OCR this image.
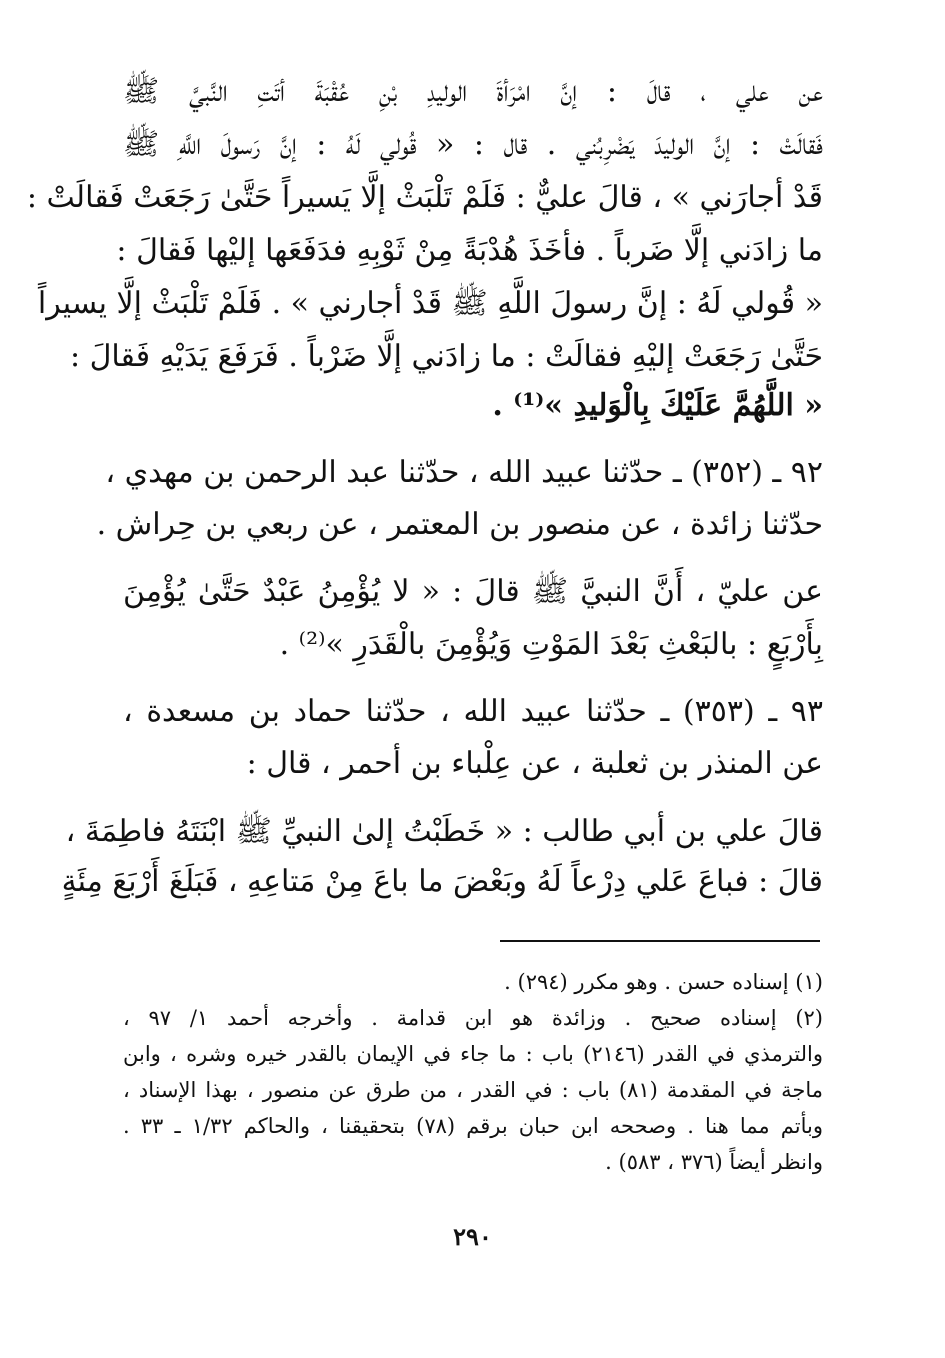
عن علي ، قالَ : إنَّ امْرَأةَ الوليدِ بْنِ عُقْبَةَ أتَتِ النَّبيَّ ﷺ
فَقالَتْ : إنَّ الوليدَ يَضْرِبُني . قال : « قُولي لَهُ : إنَّ رَسولَ اللَّهِ ﷺ
قَدْ أجارَني » ، قالَ عليٌّ : فَلَمْ تَلْبَثْ إلَّا يَسيراً حَتَّىٰ رَجَعَتْ فَقالَتْ :
ما زادَني إلَّا ضَرباً . فأخَذَ هُدْبَةً مِنْ ثَوْبِهِ فدَفَعَها إليْها فَقالَ :
« قُولي لَهُ : إنَّ رسولَ اللَّهِ ﷺ قَدْ أجارني » . فَلَمْ تَلْبَثْ إلَّا يسيراً
حَتَّىٰ رَجَعَتْ إليْهِ فقالَتْ : ما زادَني إلَّا ضَرْباً . فَرَفَعَ يَدَيْهِ فَقالَ :
« اللَّهُمَّ عَلَيْكَ بِالْوَليدِ »⁽¹⁾ .
٩٢ ـ (٣٥٢) ـ حدّثنا عبيد الله ، حدّثنا عبد الرحمن بن مهدي ،
حدّثنا زائدة ، عن منصور بن المعتمر ، عن ربعي بن حِراش .
عن عليّ ، أَنَّ النبيَّ ﷺ قالَ : « لا يُؤْمِنُ عَبْدٌ حَتَّىٰ يُؤْمِنَ
بِأَرْبَعٍ : بالبَعْثِ بَعْدَ المَوْتِ وَيُؤْمِنَ بالْقَدَرِ »⁽²⁾ .
٩٣ ـ (٣٥٣) ـ حدّثنا عبيد الله ، حدّثنا حماد بن مسعدة ،
عن المنذر بن ثعلبة ، عن عِلْباء بن أحمر ، قال :
قالَ علي بن أبي طالب : « خَطَبْتُ إلىٰ النبيِّ ﷺ ابْنَتَهُ فاطِمَةَ ،
قالَ : فباعَ عَلي دِرْعاً لَهُ وبَعْضَ ما باعَ مِنْ مَتاعِهِ ، فَبَلَغَ أَرْبَعَ مِئَةٍ
(١) إسناده حسن . وهو مكرر (٢٩٤) .
(٢) إسناده صحيح . وزائدة هو ابن قدامة . وأخرجه أحمد ١/ ٩٧ ،
والترمذي في القدر (٢١٤٦) باب : ما جاء في الإيمان بالقدر خيره وشره ، وابن
ماجة في المقدمة (٨١) باب : في القدر ، من طرق عن منصور ، بهذا الإسناد ،
وبأتم مما هنا . وصححه ابن حبان برقم (٧٨) بتحقيقنا ، والحاكم ١/٣٢ ـ ٣٣ .
وانظر أيضاً (٣٧٦ ، ٥٨٣) .
٢٩٠
